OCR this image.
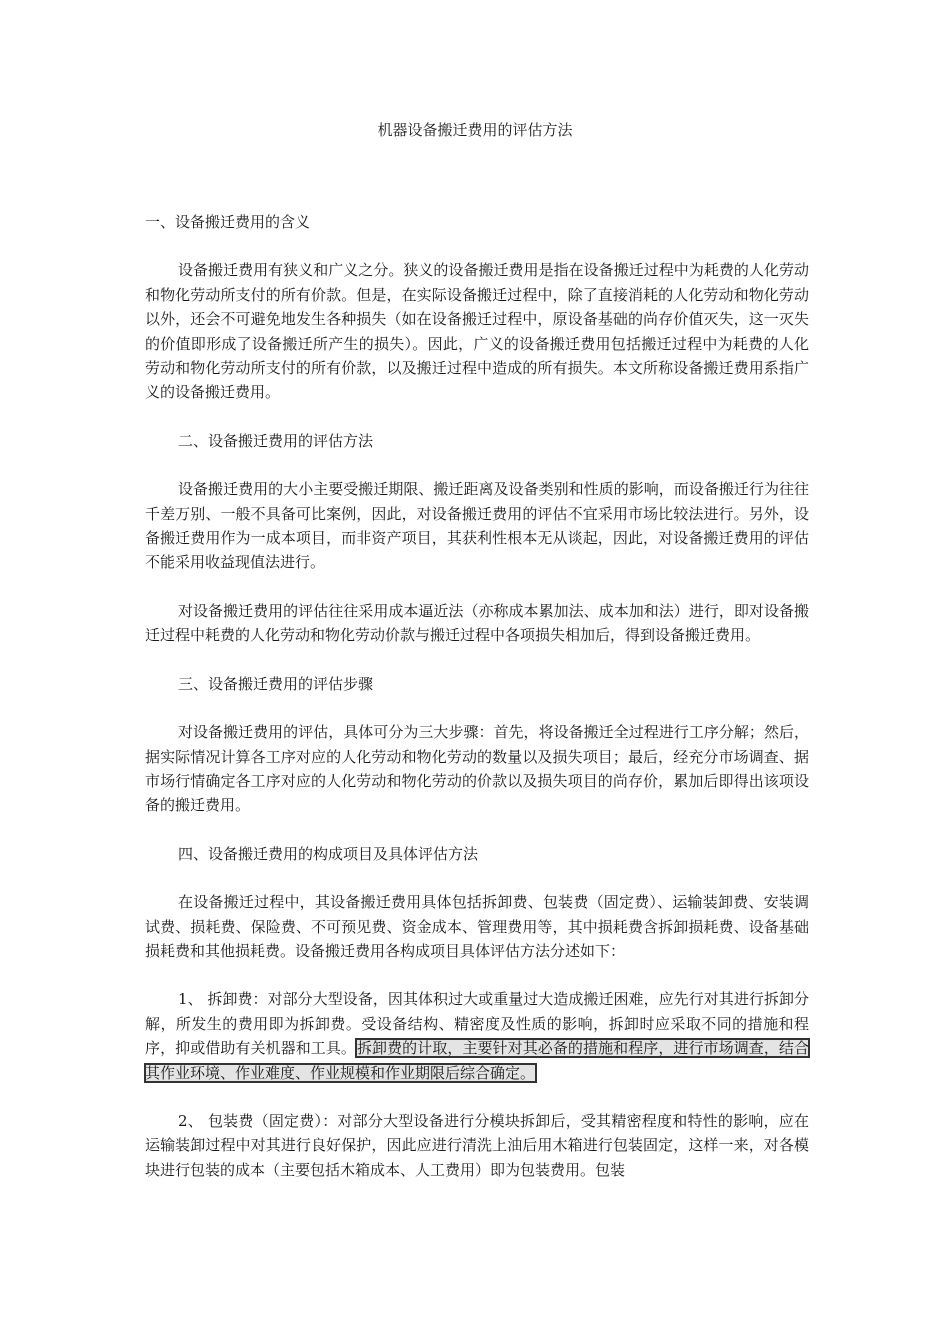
机器设备搬迁费用的评估方法

一、设备搬迁费用的含义

设备搬迁费用有狭义和广义之分。狭义的设备搬迁费用是指在设备搬迁过程中为耗费的人化劳动和物化劳动所支付的所有价款。但是，在实际设备搬迁过程中，除了直接消耗的人化劳动和物化劳动以外，还会不可避免地发生各种损失（如在设备搬迁过程中，原设备基础的尚存价值灭失，这一灭失的价值即形成了设备搬迁所产生的损失）。因此，广义的设备搬迁费用包括搬迁过程中为耗费的人化劳动和物化劳动所支付的所有价款，以及搬迁过程中造成的所有损失。本文所称设备搬迁费用系指广义的设备搬迁费用。

二、设备搬迁费用的评估方法

设备搬迁费用的大小主要受搬迁期限、搬迁距离及设备类别和性质的影响，而设备搬迁行为往往千差万别、一般不具备可比案例，因此，对设备搬迁费用的评估不宜采用市场比较法进行。另外，设备搬迁费用作为一成本项目，而非资产项目，其获利性根本无从谈起，因此，对设备搬迁费用的评估不能采用收益现值法进行。

对设备搬迁费用的评估往往采用成本逼近法（亦称成本累加法、成本加和法）进行，即对设备搬迁过程中耗费的人化劳动和物化劳动价款与搬迁过程中各项损失相加后，得到设备搬迁费用。

三、设备搬迁费用的评估步骤

对设备搬迁费用的评估，具体可分为三大步骤：首先，将设备搬迁全过程进行工序分解；然后，据实际情况计算各工序对应的人化劳动和物化劳动的数量以及损失项目；最后，经充分市场调查、据市场行情确定各工序对应的人化劳动和物化劳动的价款以及损失项目的尚存价，累加后即得出该项设备的搬迁费用。

四、设备搬迁费用的构成项目及具体评估方法

在设备搬迁过程中，其设备搬迁费用具体包括拆卸费、包装费（固定费）、运输装卸费、安装调试费、损耗费、保险费、不可预见费、资金成本、管理费用等，其中损耗费含拆卸损耗费、设备基础损耗费和其他损耗费。设备搬迁费用各构成项目具体评估方法分述如下：

1、 拆卸费：对部分大型设备，因其体积过大或重量过大造成搬迁困难，应先行对其进行拆卸分解，所发生的费用即为拆卸费。受设备结构、精密度及性质的影响，拆卸时应采取不同的措施和程序，抑或借助有关机器和工具。拆卸费的计取，主要针对其必备的措施和程序，进行市场调查，结合其作业环境、作业难度、作业规模和作业期限后综合确定。

2、 包装费（固定费）：对部分大型设备进行分模块拆卸后，受其精密程度和特性的影响，应在运输装卸过程中对其进行良好保护，因此应进行清洗上油后用木箱进行包装固定，这样一来，对各模块进行包装的成本（主要包括木箱成本、人工费用）即为包装费用。包装
